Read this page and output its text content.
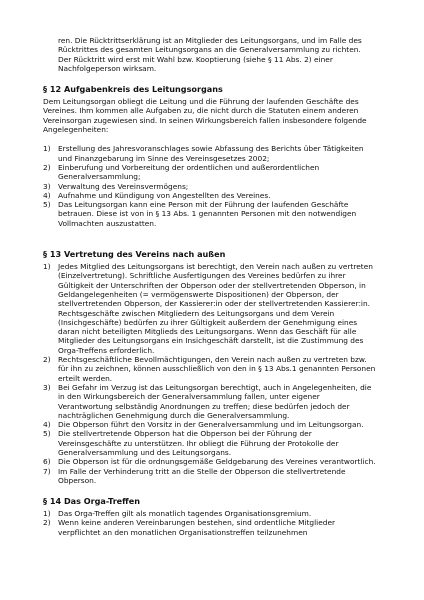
ren. Die Rücktrittserklärung ist an Mitglieder des Leitungsorgans, und im Falle des Rücktrittes des gesamten Leitungsorgans an die Generalversammlung zu richten. Der Rücktritt wird erst mit Wahl bzw. Kooptierung (siehe § 11 Abs. 2) einer Nachfolgeperson wirksam.

§ 12 Aufgabenkreis des Leitungsorgans

Dem Leitungsorgan obliegt die Leitung und die Führung der laufenden Geschäfte des Vereines. Ihm kommen alle Aufgaben zu, die nicht durch die Statuten einem anderen Vereinsorgan zugewiesen sind. In seinen Wirkungsbereich fallen insbesondere folgende Angelegenheiten:

1)	Erstellung des Jahresvoranschlages sowie Abfassung des Berichts über Tätigkeiten und Finanzgebarung im Sinne des Vereinsgesetzes 2002;
2)	Einberufung und Vorbereitung der ordentlichen und außerordentlichen Generalversammlung;
3)	Verwaltung des Vereinsvermögens;
4)	Aufnahme und Kündigung von Angestellten des Vereines.
5)	Das Leitungsorgan kann eine Person mit der Führung der laufenden Geschäfte betrauen. Diese ist von in § 13 Abs. 1 genannten Personen mit den notwendigen Vollmachten auszustatten.
§ 13 Vertretung des Vereins nach außen
1)	Jedes Mitglied des Leitungsorgans ist berechtigt, den Verein nach außen zu vertreten (Einzelvertretung). Schriftliche Ausfertigungen des Vereines bedürfen zu ihrer Gültigkeit der Unterschriften der Obperson oder der stellvertretenden Obperson, in Geldangelegenheiten (= vermögenswerte Dispositionen) der Obperson, der stellvertretenden Obperson, der Kassierer:in oder der stellvertretenden Kassierer:in. Rechtsgeschäfte zwischen Mitgliedern des Leitungsorgans und dem Verein (Insichgeschäfte) bedürfen zu ihrer Gültigkeit außerdem der Genehmigung eines daran nicht beteiligten Mitglieds des Leitungsorgans. Wenn das Geschäft für alle Mitglieder des Leitungsorgans ein Insichgeschäft darstellt, ist die Zustimmung des Orga-Treffens erforderlich.
2)	Rechtsgeschäftliche Bevollmächtigungen, den Verein nach außen zu vertreten bzw. für ihn zu zeichnen, können ausschließlich von den in § 13 Abs.1 genannten Personen erteilt werden.
3)	Bei Gefahr im Verzug ist das Leitungsorgan berechtigt, auch in Angelegenheiten, die in den Wirkungsbereich der Generalversammlung fallen, unter eigener Verantwortung selbständig Anordnungen zu treffen; diese bedürfen jedoch der nachträglichen Genehmigung durch die Generalversammlung.
4)	Die Obperson führt den Vorsitz in der Generalversammlung und im Leitungsorgan.
5)	Die stellvertretende Obperson hat die Obperson bei der Führung der Vereinsgeschäfte zu unterstützen. Ihr obliegt die Führung der Protokolle der Generalversammlung und des Leitungsorgans.
6)	Die Obperson ist für die ordnungsgemäße Geldgebarung des Vereines verantwortlich.
7)	Im Falle der Verhinderung tritt an die Stelle der Obperson die stellvertretende Obperson.
§ 14 Das Orga-Treffen
1)	Das Orga-Treffen gilt als monatlich tagendes Organisationsgremium.
2)	Wenn keine anderen Vereinbarungen bestehen, sind ordentliche Mitglieder verpflichtet an den monatlichen Organisationstreffen teilzunehmen
